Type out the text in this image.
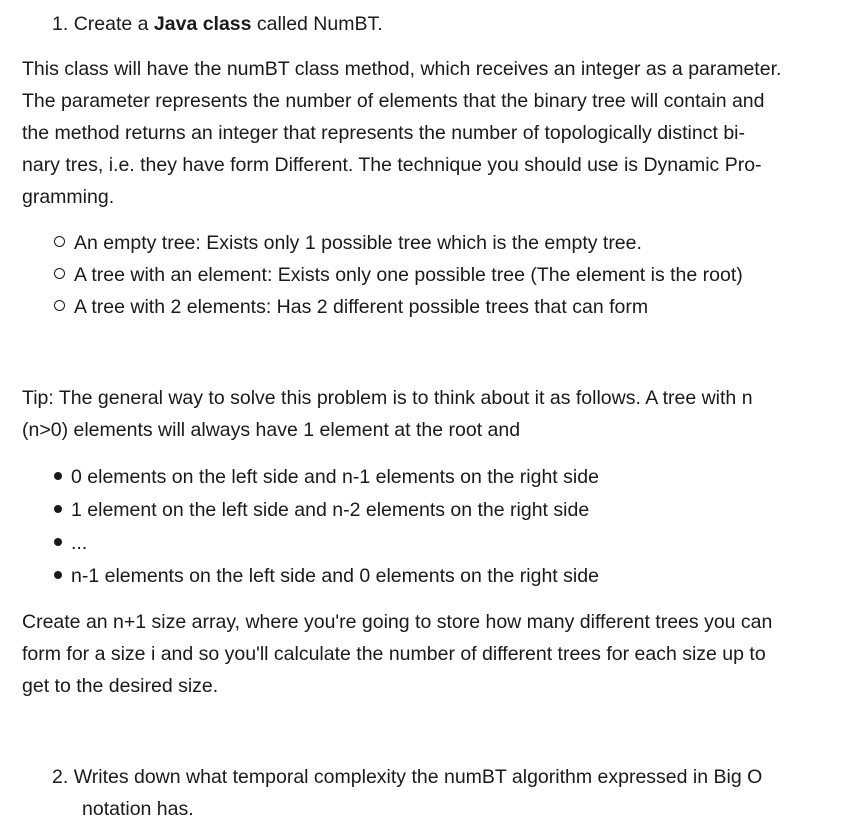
1. Create a Java class called NumBT.
This class will have the numBT class method, which receives an integer as a parameter.
The parameter represents the number of elements that the binary tree will contain and
the method returns an integer that represents the number of topologically distinct bi-
nary tres, i.e. they have form Different. The technique you should use is Dynamic Pro-
gramming.
An empty tree: Exists only 1 possible tree which is the empty tree.
A tree with an element: Exists only one possible tree (The element is the root)
A tree with 2 elements: Has 2 different possible trees that can form
Tip: The general way to solve this problem is to think about it as follows. A tree with n
(n>0) elements will always have 1 element at the root and
0 elements on the left side and n-1 elements on the right side
1 element on the left side and n-2 elements on the right side
...
n-1 elements on the left side and 0 elements on the right side
Create an n+1 size array, where you're going to store how many different trees you can
form for a size i and so you'll calculate the number of different trees for each size up to
get to the desired size.
2. Writes down what temporal complexity the numBT algorithm expressed in Big O
notation has.
